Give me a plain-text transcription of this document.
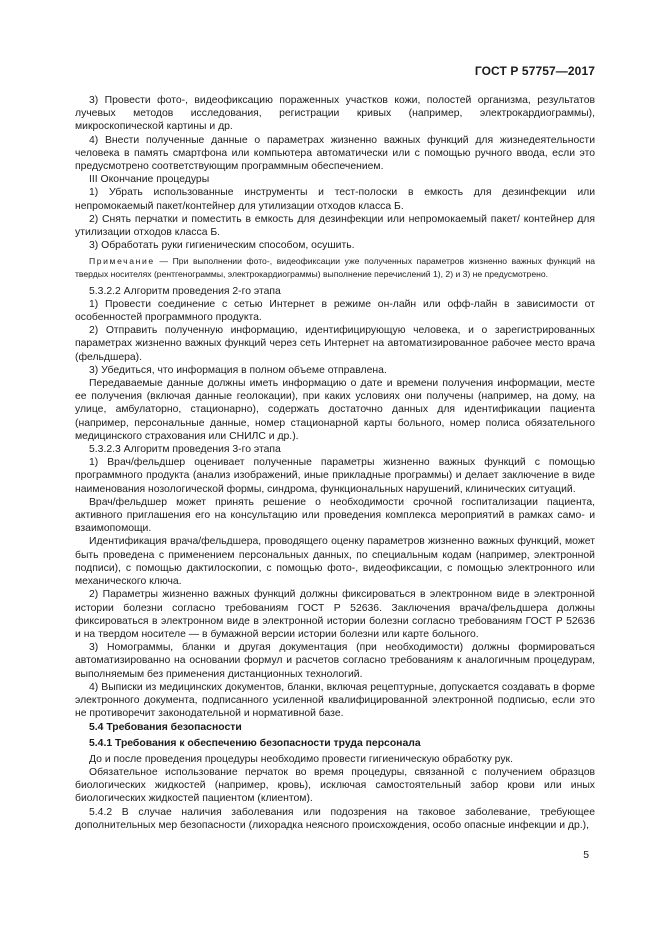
ГОСТ Р 57757—2017

3) Провести фото-, видеофиксацию пораженных участков кожи, полостей организма, результатов лучевых методов исследования, регистрации кривых (например, электрокардиограммы), микроскопической картины и др.

4) Внести полученные данные о параметрах жизненно важных функций для жизнедеятельности человека в память смартфона или компьютера автоматически или с помощью ручного ввода, если это предусмотрено соответствующим программным обеспечением.

III Окончание процедуры

1) Убрать использованные инструменты и тест-полоски в емкость для дезинфекции или непромокаемый пакет/контейнер для утилизации отходов класса Б.

2) Снять перчатки и поместить в емкость для дезинфекции или непромокаемый пакет/ контейнер для утилизации отходов класса Б.

3) Обработать руки гигиеническим способом, осушить.

Примечание — При выполнении фото-, видеофиксации уже полученных параметров жизненно важных функций на твердых носителях (рентгенограммы, электрокардиограммы) выполнение перечислений 1), 2) и 3) не предусмотрено.

5.3.2.2 Алгоритм проведения 2-го этапа

1) Провести соединение с сетью Интернет в режиме он-лайн или офф-лайн в зависимости от особенностей программного продукта.

2) Отправить полученную информацию, идентифицирующую человека, и о зарегистрированных параметрах жизненно важных функций через сеть Интернет на автоматизированное рабочее место врача (фельдшера).

3) Убедиться, что информация в полном объеме отправлена.

Передаваемые данные должны иметь информацию о дате и времени получения информации, месте ее получения (включая данные геолокации), при каких условиях они получены (например, на дому, на улице, амбулаторно, стационарно), содержать достаточно данных для идентификации пациента (например, персональные данные, номер стационарной карты больного, номер полиса обязательного медицинского страхования или СНИЛС и др.).

5.3.2.3 Алгоритм проведения 3-го этапа

1) Врач/фельдшер оценивает полученные параметры жизненно важных функций с помощью программного продукта (анализ изображений, иные прикладные программы) и делает заключение в виде наименования нозологической формы, синдрома, функциональных нарушений, клинических ситуаций.

Врач/фельдшер может принять решение о необходимости срочной госпитализации пациента, активного приглашения его на консультацию или проведения комплекса мероприятий в рамках само- и взаимопомощи.

Идентификация врача/фельдшера, проводящего оценку параметров жизненно важных функций, может быть проведена с применением персональных данных, по специальным кодам (например, электронной подписи), с помощью дактилоскопии, с помощью фото-, видеофиксации, с помощью электронного или механического ключа.

2) Параметры жизненно важных функций должны фиксироваться в электронном виде в электронной истории болезни согласно требованиям ГОСТ Р 52636. Заключения врача/фельдшера должны фиксироваться в электронном виде в электронной истории болезни согласно требованиям ГОСТ Р 52636 и на твердом носителе — в бумажной версии истории болезни или карте больного.

3) Номограммы, бланки и другая документация (при необходимости) должны формироваться автоматизированно на основании формул и расчетов согласно требованиям к аналогичным процедурам, выполняемым без применения дистанционных технологий.

4) Выписки из медицинских документов, бланки, включая рецептурные, допускается создавать в форме электронного документа, подписанного усиленной квалифицированной электронной подписью, если это не противоречит законодательной и нормативной базе.

5.4 Требования безопасности

5.4.1 Требования к обеспечению безопасности труда персонала

До и после проведения процедуры необходимо провести гигиеническую обработку рук.

Обязательное использование перчаток во время процедуры, связанной с получением образцов биологических жидкостей (например, кровь), исключая самостоятельный забор крови или иных биологических жидкостей пациентом (клиентом).

5.4.2 В случае наличия заболевания или подозрения на таковое заболевание, требующее дополнительных мер безопасности (лихорадка неясного происхождения, особо опасные инфекции и др.),

5
